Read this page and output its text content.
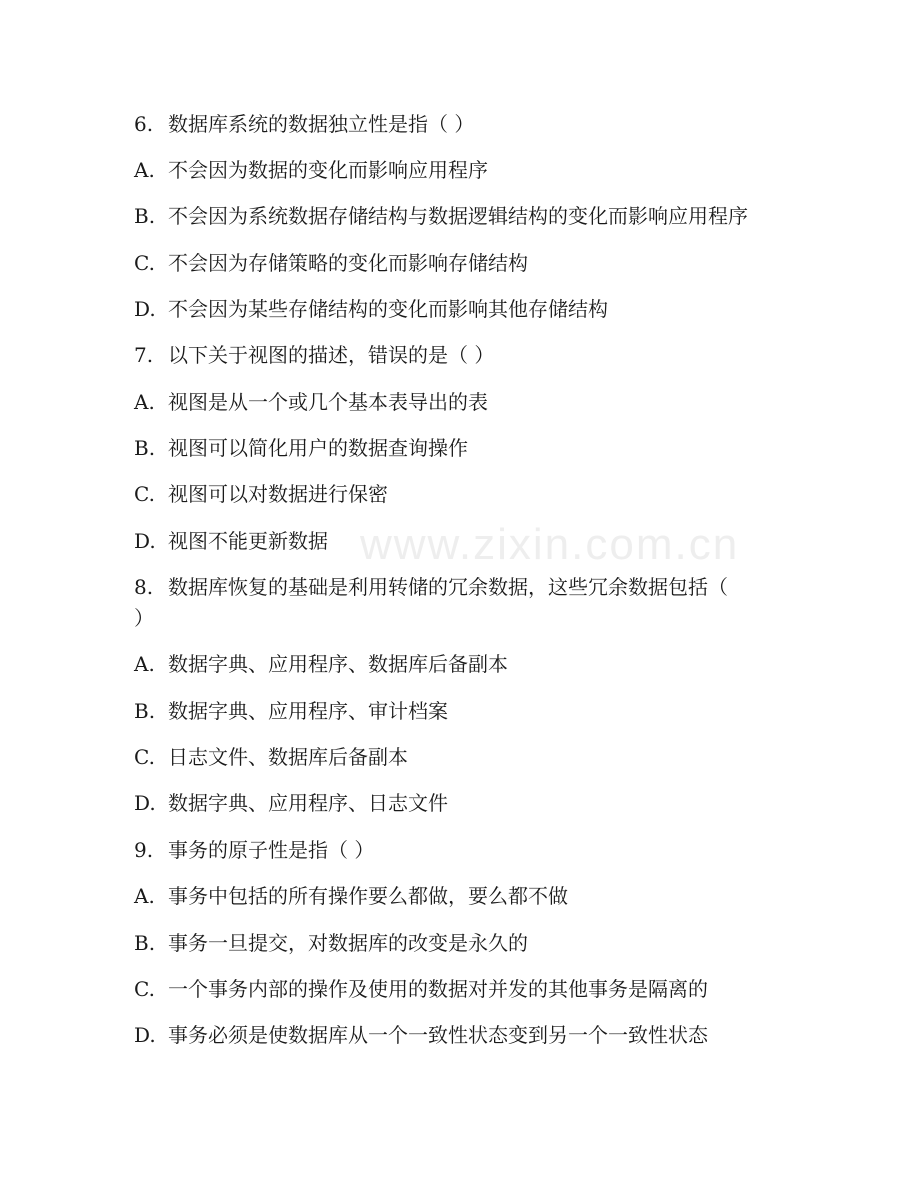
www.zixin.com.cn
6. 数据库系统的数据独立性是指（ ）
A. 不会因为数据的变化而影响应用程序
B. 不会因为系统数据存储结构与数据逻辑结构的变化而影响应用程序
C. 不会因为存储策略的变化而影响存储结构
D. 不会因为某些存储结构的变化而影响其他存储结构
7. 以下关于视图的描述，错误的是（ ）
A. 视图是从一个或几个基本表导出的表
B. 视图可以简化用户的数据查询操作
C. 视图可以对数据进行保密
D. 视图不能更新数据
8. 数据库恢复的基础是利用转储的冗余数据，这些冗余数据包括（
）
A. 数据字典、应用程序、数据库后备副本
B. 数据字典、应用程序、审计档案
C. 日志文件、数据库后备副本
D. 数据字典、应用程序、日志文件
9. 事务的原子性是指（ ）
A. 事务中包括的所有操作要么都做，要么都不做
B. 事务一旦提交，对数据库的改变是永久的
C. 一个事务内部的操作及使用的数据对并发的其他事务是隔离的
D. 事务必须是使数据库从一个一致性状态变到另一个一致性状态
